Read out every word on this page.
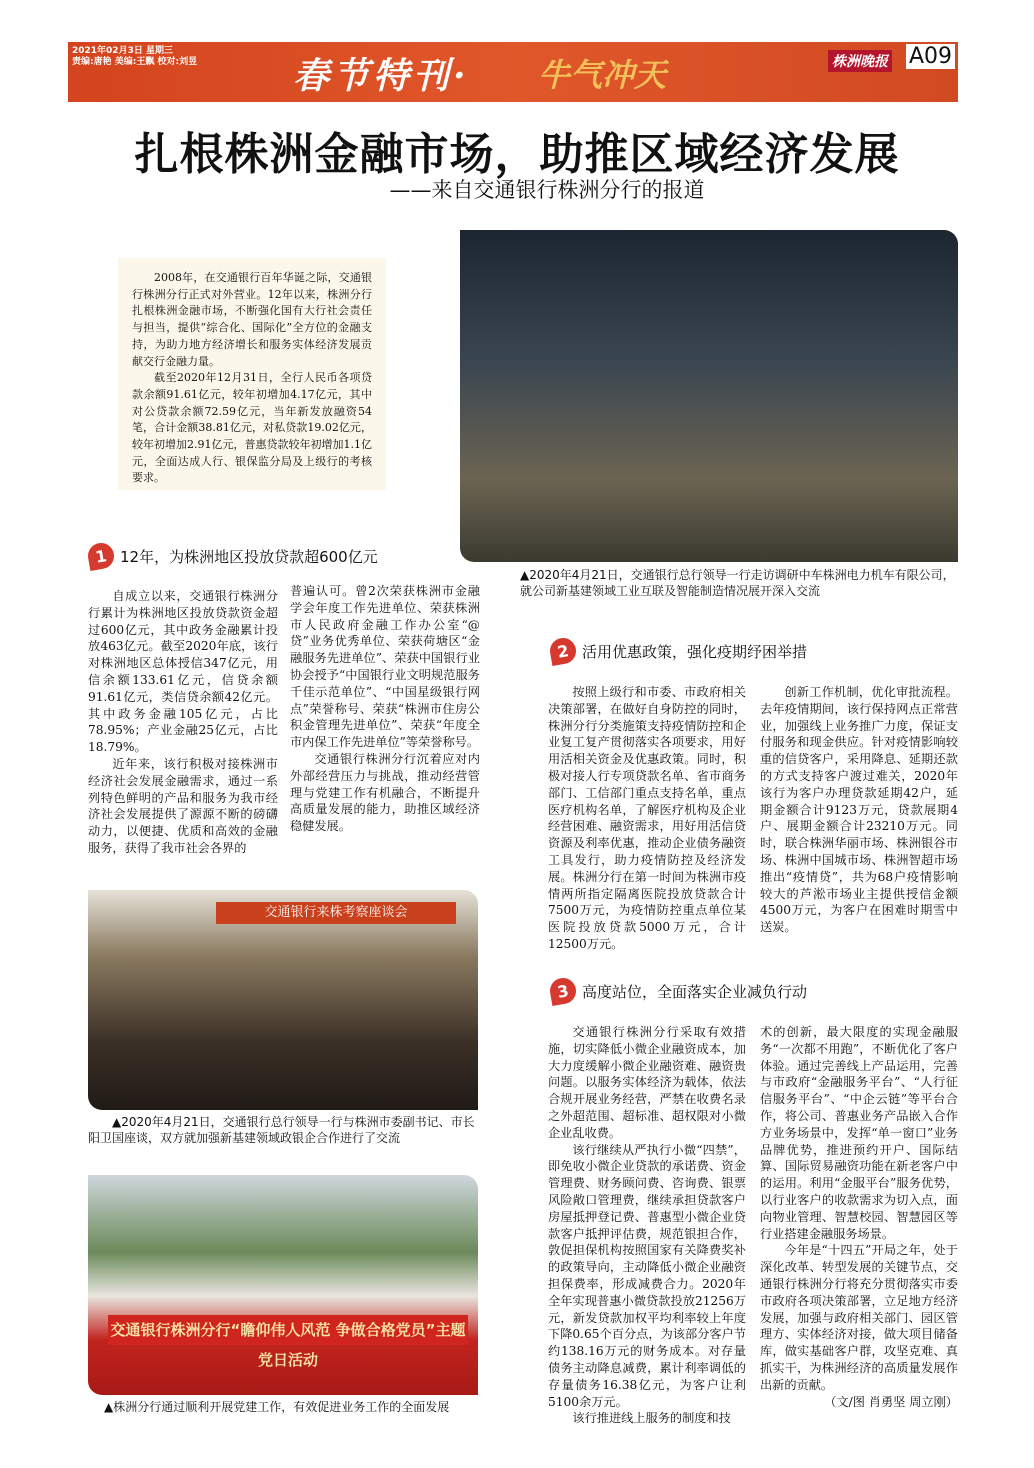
2021年02月3日 星期三
责编:唐艳 美编:王飘 校对:刘昱	春节特刊· 牛气冲天	株洲晚报 A09
扎根株洲金融市场，助推区域经济发展
——来自交通银行株洲分行的报道

2008年，在交通银行百年华诞之际，交通银行株洲分行正式对外营业。12年以来，株洲分行扎根株洲金融市场，不断强化国有大行社会责任与担当，提供“综合化、国际化”全方位的金融支持，为助力地方经济增长和服务实体经济发展贡献交行金融力量。

截至2020年12月31日，全行人民币各项贷款余额91.61亿元，较年初增加4.17亿元，其中对公贷款余额72.59亿元，当年新发放融资54笔，合计金额38.81亿元，对私贷款19.02亿元，较年初增加2.91亿元，普惠贷款较年初增加1.1亿元，全面达成人行、银保监分局及上级行的考核要求。

▲2020年4月21日，交通银行总行领导一行走访调研中车株洲电力机车有限公司，就公司新基建领域工业互联及智能制造情况展开深入交流
1 12年，为株洲地区投放贷款超600亿元

自成立以来，交通银行株洲分行累计为株洲地区投放贷款资金超过600亿元，其中政务金融累计投放463亿元。截至2020年底，该行对株洲地区总体授信347亿元，用信余额133.61亿元，信贷余额91.61亿元，类信贷余额42亿元。其中政务金融105亿元，占比78.95%；产业金融25亿元，占比18.79%。

近年来，该行积极对接株洲市经济社会发展金融需求，通过一系列特色鲜明的产品和服务为我市经济社会发展提供了源源不断的磅礴动力，以便捷、优质和高效的金融服务，获得了我市社会各界的

普遍认可。曾2次荣获株洲市金融学会年度工作先进单位、荣获株洲市人民政府金融工作办公室“@贷”业务优秀单位、荣获荷塘区“金融服务先进单位”、荣获中国银行业协会授予“中国银行业文明规范服务千佳示范单位”、“中国星级银行网点”荣誉称号、荣获“株洲市住房公积金管理先进单位”、荣获“年度全市内保工作先进单位”等荣誉称号。

交通银行株洲分行沉着应对内外部经营压力与挑战，推动经营管理与党建工作有机融合，不断提升高质量发展的能力，助推区域经济稳健发展。

交通银行来株考察座谈会
▲2020年4月21日，交通银行总行领导一行与株洲市委副书记、市长阳卫国座谈，双方就加强新基建领域政银企合作进行了交流
交通银行株洲分行“瞻仰伟人风范 争做合格党员”主题党日活动
▲株洲分行通过顺利开展党建工作，有效促进业务工作的全面发展
2 活用优惠政策，强化疫期纾困举措

按照上级行和市委、市政府相关决策部署，在做好自身防控的同时，株洲分行分类施策支持疫情防控和企业复工复产贯彻落实各项要求，用好用活相关资金及优惠政策。同时，积极对接人行专项贷款名单、省市商务部门、工信部门重点支持名单，重点医疗机构名单，了解医疗机构及企业经营困难、融资需求，用好用活信贷资源及利率优惠，推动企业债务融资工具发行，助力疫情防控及经济发展。株洲分行在第一时间为株洲市疫情两所指定隔离医院投放贷款合计7500万元，为疫情防控重点单位某医院投放贷款5000万元，合计12500万元。

创新工作机制，优化审批流程。去年疫情期间，该行保持网点正常营业，加强线上业务推广力度，保证支付服务和现金供应。针对疫情影响较重的信贷客户，采用降息、延期还款的方式支持客户渡过难关，2020年该行为客户办理贷款延期42户，延期金额合计9123万元，贷款展期4户、展期金额合计23210万元。同时，联合株洲华丽市场、株洲银谷市场、株洲中国城市场、株洲智超市场推出“疫情贷”，共为68户疫情影响较大的芦淞市场业主提供授信金额4500万元，为客户在困难时期雪中送炭。

3 高度站位，全面落实企业减负行动

交通银行株洲分行采取有效措施，切实降低小微企业融资成本，加大力度缓解小微企业融资难、融资贵问题。以服务实体经济为载体，依法合规开展业务经营，严禁在收费名录之外超范围、超标准、超权限对小微企业乱收费。

该行继续从严执行小微“四禁”，即免收小微企业贷款的承诺费、资金管理费、财务顾问费、咨询费、银票风险敞口管理费，继续承担贷款客户房屋抵押登记费、普惠型小微企业贷款客户抵押评估费，规范银担合作，敦促担保机构按照国家有关降费奖补的政策导向，主动降低小微企业融资担保费率，形成减费合力。2020年全年实现普惠小微贷款投放21256万元，新发贷款加权平均利率较上年度下降0.65个百分点，为该部分客户节约138.16万元的财务成本。对存量债务主动降息减费，累计利率调低的存量债务16.38亿元，为客户让利5100余万元。

该行推进线上服务的制度和技

术的创新，最大限度的实现金融服务“一次都不用跑”，不断优化了客户体验。通过完善线上产品运用，完善与市政府“金融服务平台”、“人行征信服务平台”、“中企云链”等平台合作，将公司、普惠业务产品嵌入合作方业务场景中，发挥“单一窗口”业务品牌优势，推进预约开户、国际结算、国际贸易融资功能在新老客户中的运用。利用“金服平台”服务优势，以行业客户的收款需求为切入点，面向物业管理、智慧校园、智慧园区等行业搭建金融服务场景。

今年是“十四五”开局之年，处于深化改革、转型发展的关键节点，交通银行株洲分行将充分贯彻落实市委市政府各项决策部署，立足地方经济发展，加强与政府相关部门、园区管理方、实体经济对接，做大项目储备库，做实基础客户群，攻坚克难、真抓实干，为株洲经济的高质量发展作出新的贡献。

（文/图 肖勇坚 周立刚）
